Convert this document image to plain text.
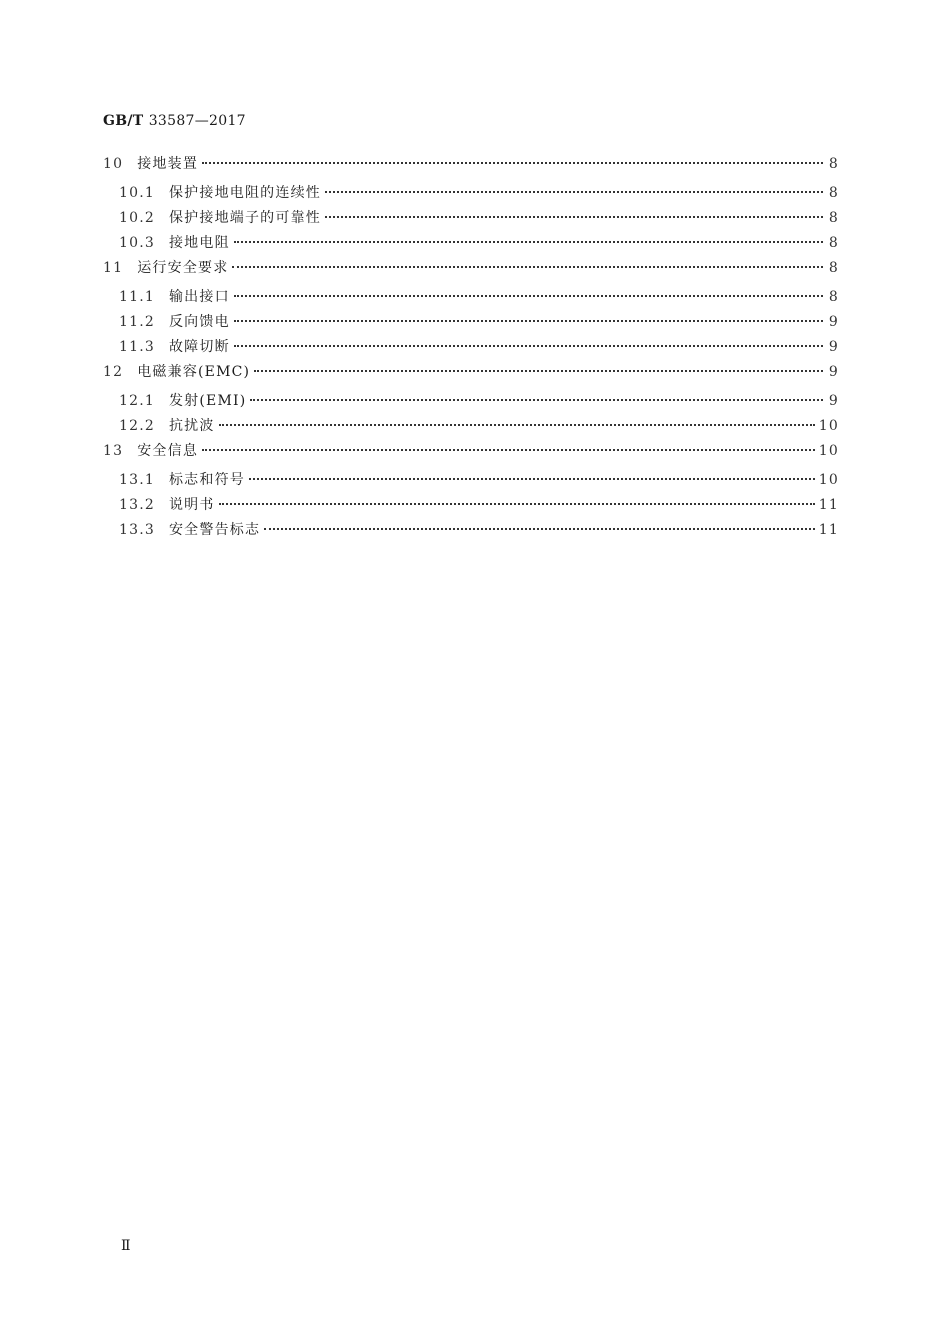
GB/T 33587—2017
10	接地装置	8
10.1	保护接地电阻的连续性	8
10.2	保护接地端子的可靠性	8
10.3	接地电阻	8
11	运行安全要求	8
11.1	输出接口	8
11.2	反向馈电	9
11.3	故障切断	9
12	电磁兼容(EMC)	9
12.1	发射(EMI)	9
12.2	抗扰波	10
13	安全信息	10
13.1	标志和符号	10
13.2	说明书	11
13.3	安全警告标志	11
Ⅱ
